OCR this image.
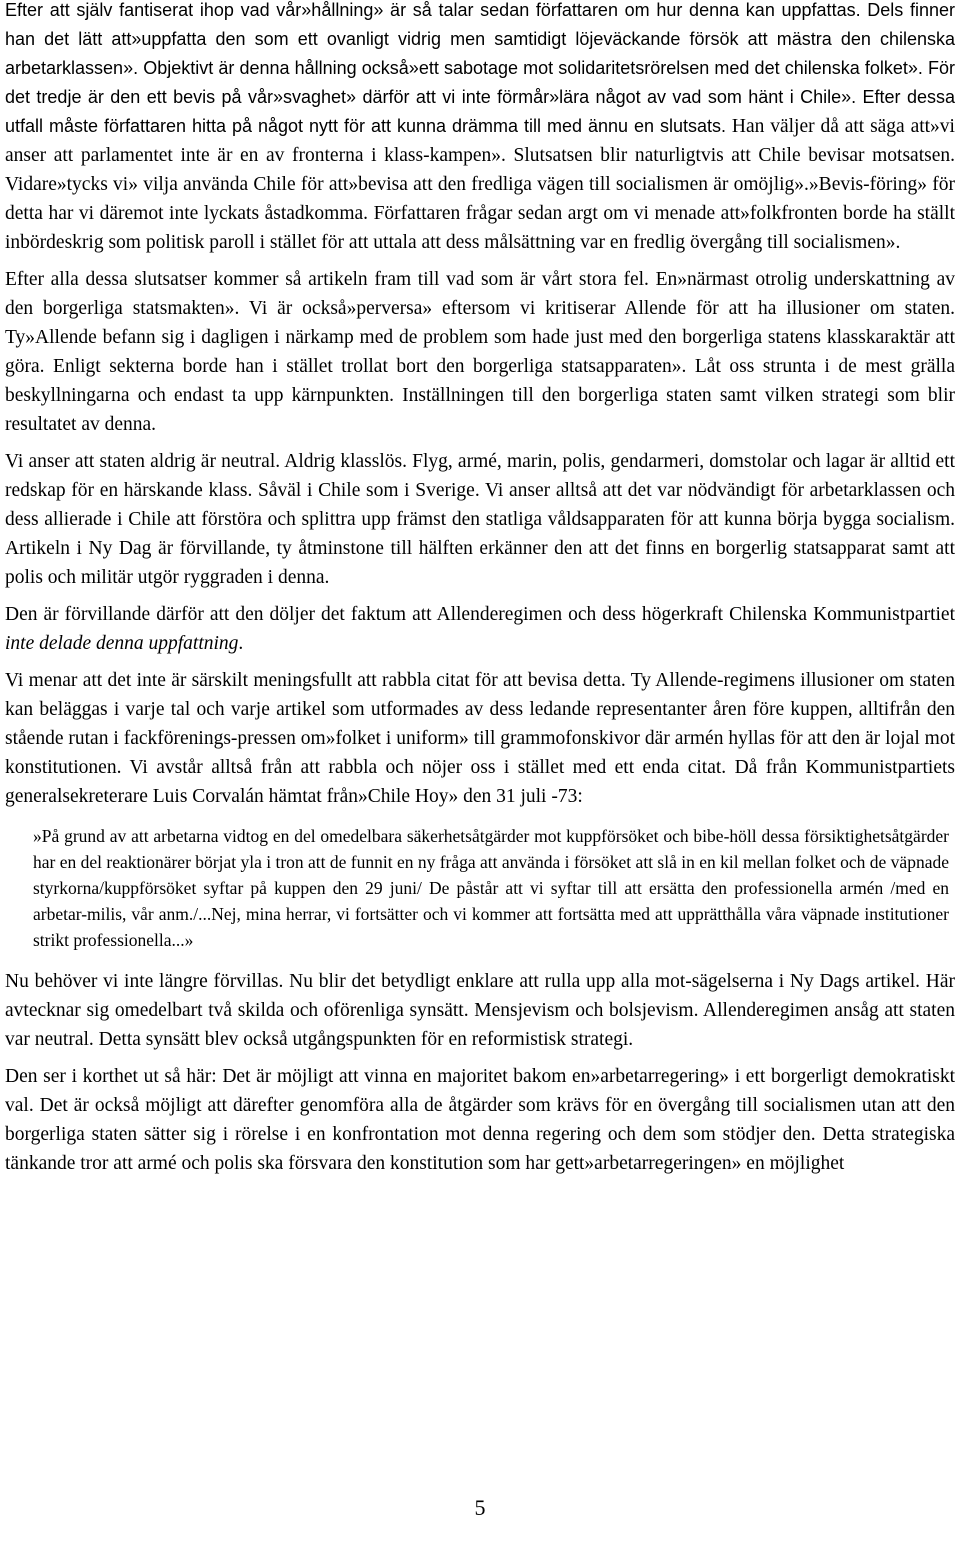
Efter att själv fantiserat ihop vad vår»hållning» är så talar sedan författaren om hur denna kan uppfattas. Dels finner han det lätt att»uppfatta den som ett ovanligt vidrig men samtidigt löjeväckande försök att mästra den chilenska arbetarklassen». Objektivt är denna hållning också»ett sabotage mot solidaritetsrörelsen med det chilenska folket». För det tredje är den ett bevis på vår»svaghet» därför att vi inte förmår»lära något av vad som hänt i Chile». Efter dessa utfall måste författaren hitta på något nytt för att kunna drämma till med ännu en slutsats. Han väljer då att säga att»vi anser att parlamentet inte är en av fronterna i klass-kampen». Slutsatsen blir naturligtvis att Chile bevisar motsatsen. Vidare»tycks vi» vilja använda Chile för att»bevisa att den fredliga vägen till socialismen är omöjlig».»Bevis-föring» för detta har vi däremot inte lyckats åstadkomma. Författaren frågar sedan argt om vi menade att»folkfronten borde ha ställt inbördeskrig som politisk paroll i stället för att uttala att dess målsättning var en fredlig övergång till socialismen».

Efter alla dessa slutsatser kommer så artikeln fram till vad som är vårt stora fel. En»närmast otrolig underskattning av den borgerliga statsmakten». Vi är också»perversa» eftersom vi kritiserar Allende för att ha illusioner om staten. Ty»Allende befann sig i dagligen i närkamp med de problem som hade just med den borgerliga statens klasskaraktär att göra. Enligt sekterna borde han i stället trollat bort den borgerliga statsapparaten». Låt oss strunta i de mest grälla beskyllningarna och endast ta upp kärnpunkten. Inställningen till den borgerliga staten samt vilken strategi som blir resultatet av denna.

Vi anser att staten aldrig är neutral. Aldrig klasslös. Flyg, armé, marin, polis, gendarmeri, domstolar och lagar är alltid ett redskap för en härskande klass. Såväl i Chile som i Sverige. Vi anser alltså att det var nödvändigt för arbetarklassen och dess allierade i Chile att förstöra och splittra upp främst den statliga våldsapparaten för att kunna börja bygga socialism. Artikeln i Ny Dag är förvillande, ty åtminstone till hälften erkänner den att det finns en borgerlig statsapparat samt att polis och militär utgör ryggraden i denna.

Den är förvillande därför att den döljer det faktum att Allenderegimen och dess högerkraft Chilenska Kommunistpartiet inte delade denna uppfattning.

Vi menar att det inte är särskilt meningsfullt att rabbla citat för att bevisa detta. Ty Allende-regimens illusioner om staten kan beläggas i varje tal och varje artikel som utformades av dess ledande representanter åren före kuppen, alltifrån den stående rutan i fackförenings-pressen om»folket i uniform» till grammofonskivor där armén hyllas för att den är lojal mot konstitutionen. Vi avstår alltså från att rabbla och nöjer oss i stället med ett enda citat. Då från Kommunistpartiets generalsekreterare Luis Corvalán hämtat från»Chile Hoy» den 31 juli -73:

»På grund av att arbetarna vidtog en del omedelbara säkerhetsåtgärder mot kuppförsöket och bibe-höll dessa försiktighetsåtgärder har en del reaktionärer börjat yla i tron att de funnit en ny fråga att använda i försöket att slå in en kil mellan folket och de väpnade styrkorna/kuppförsöket syftar på kuppen den 29 juni/ De påstår att vi syftar till att ersätta den professionella armén /med en arbetar-milis, vår anm./...Nej, mina herrar, vi fortsätter och vi kommer att fortsätta med att upprätthålla våra väpnade institutioner strikt professionella...»

Nu behöver vi inte längre förvillas. Nu blir det betydligt enklare att rulla upp alla mot-sägelserna i Ny Dags artikel. Här avtecknar sig omedelbart två skilda och oförenliga synsätt. Mensjevism och bolsjevism. Allenderegimen ansåg att staten var neutral. Detta synsätt blev också utgångspunkten för en reformistisk strategi.

Den ser i korthet ut så här: Det är möjligt att vinna en majoritet bakom en»arbetarregering» i ett borgerligt demokratiskt val. Det är också möjligt att därefter genomföra alla de åtgärder som krävs för en övergång till socialismen utan att den borgerliga staten sätter sig i rörelse i en konfrontation mot denna regering och dem som stödjer den. Detta strategiska tänkande tror att armé och polis ska försvara den konstitution som har gett»arbetarregeringen» en möjlighet

5
